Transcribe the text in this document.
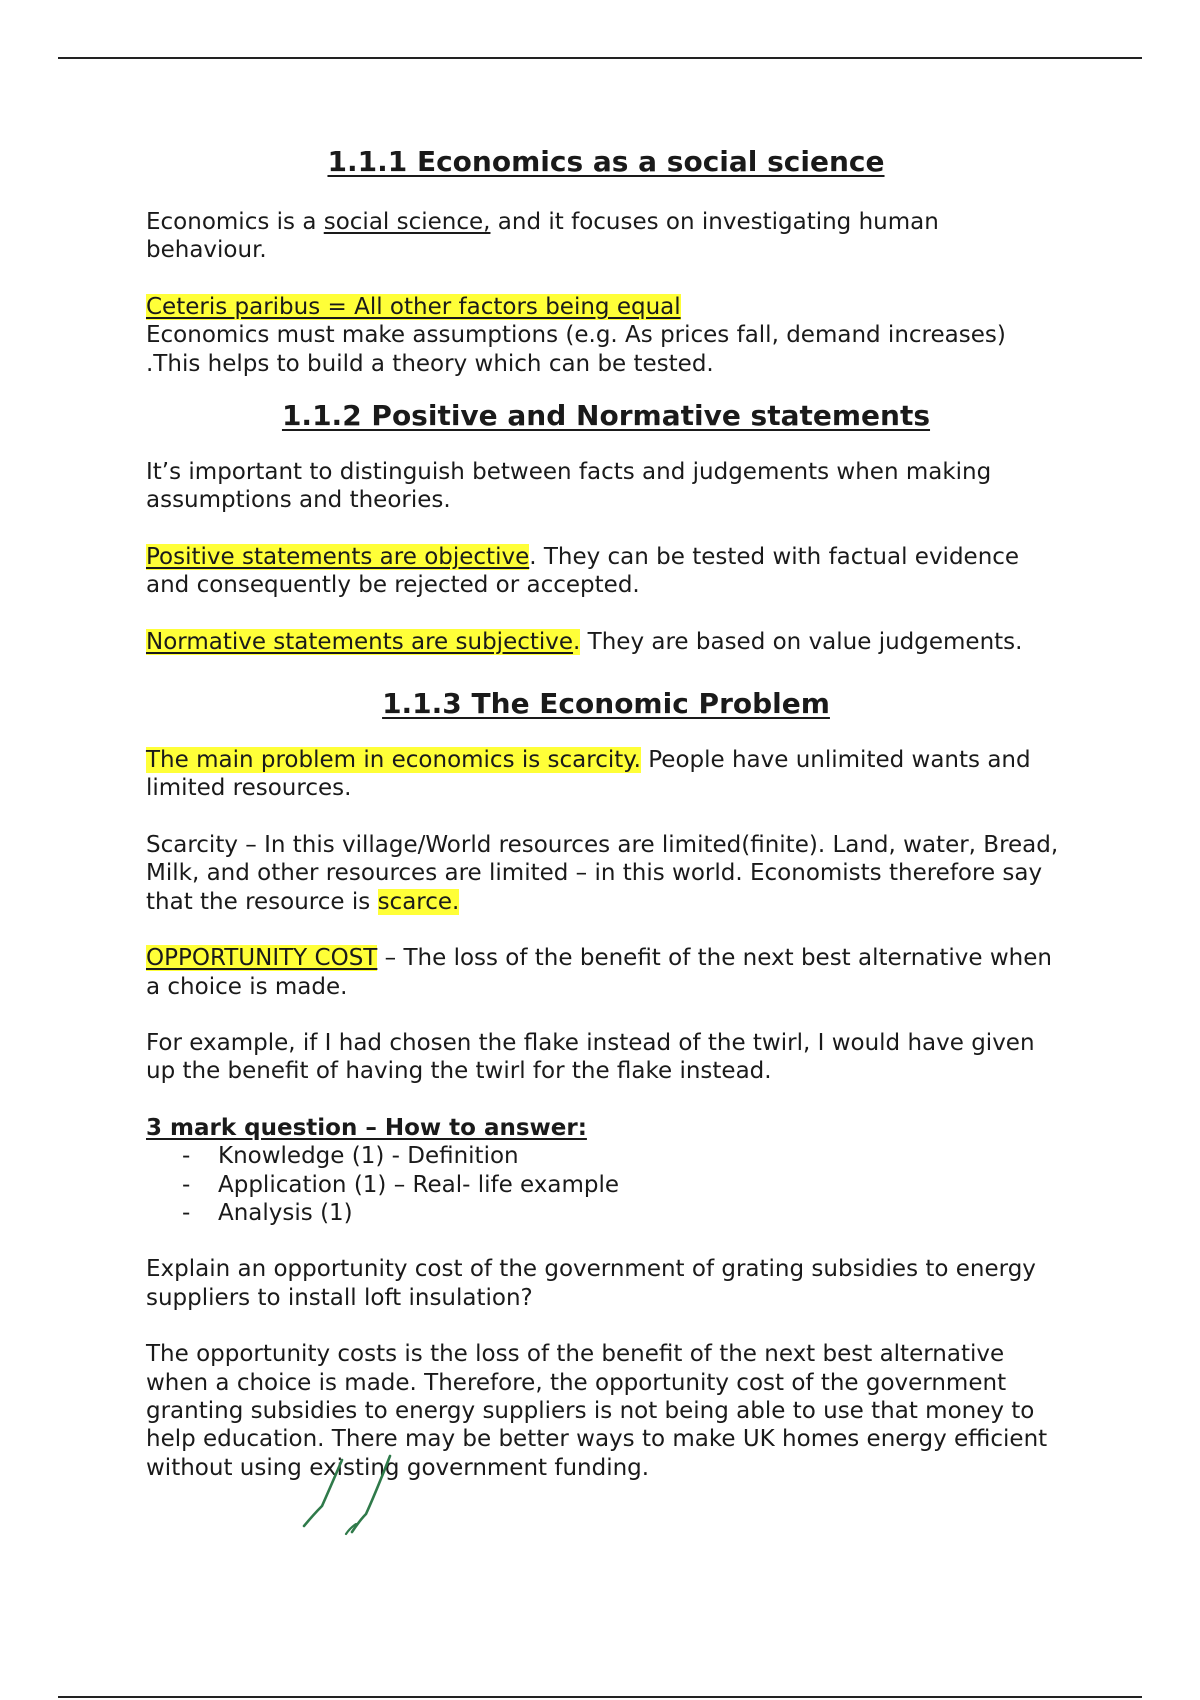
1.1.1 Economics as a social science

Economics is a social science, and it focuses on investigating human behaviour.

Ceteris paribus = All other factors being equal

Economics must make assumptions (e.g. As prices fall, demand increases) .This helps to build a theory which can be tested.

1.1.2 Positive and Normative statements

It’s important to distinguish between facts and judgements when making assumptions and theories.

Positive statements are objective. They can be tested with factual evidence and consequently be rejected or accepted.

Normative statements are subjective. They are based on value judgements.

1.1.3 The Economic Problem

The main problem in economics is scarcity. People have unlimited wants and limited resources.

Scarcity – In this village/World resources are limited(finite). Land, water, Bread, Milk, and other resources are limited – in this world. Economists therefore say that the resource is scarce.

OPPORTUNITY COST – The loss of the benefit of the next best alternative when a choice is made.

For example, if I had chosen the flake instead of the twirl, I would have given up the benefit of having the twirl for the flake instead.

3 mark question – How to answer:

- Knowledge (1) - Definition
- Application (1) – Real- life example
- Analysis (1)

Explain an opportunity cost of the government of grating subsidies to energy suppliers to install loft insulation?

The opportunity costs is the loss of the benefit of the next best alternative when a choice is made. Therefore, the opportunity cost of the government granting subsidies to energy suppliers is not being able to use that money to help education. There may be better ways to make UK homes energy efficient without using existing government funding.
